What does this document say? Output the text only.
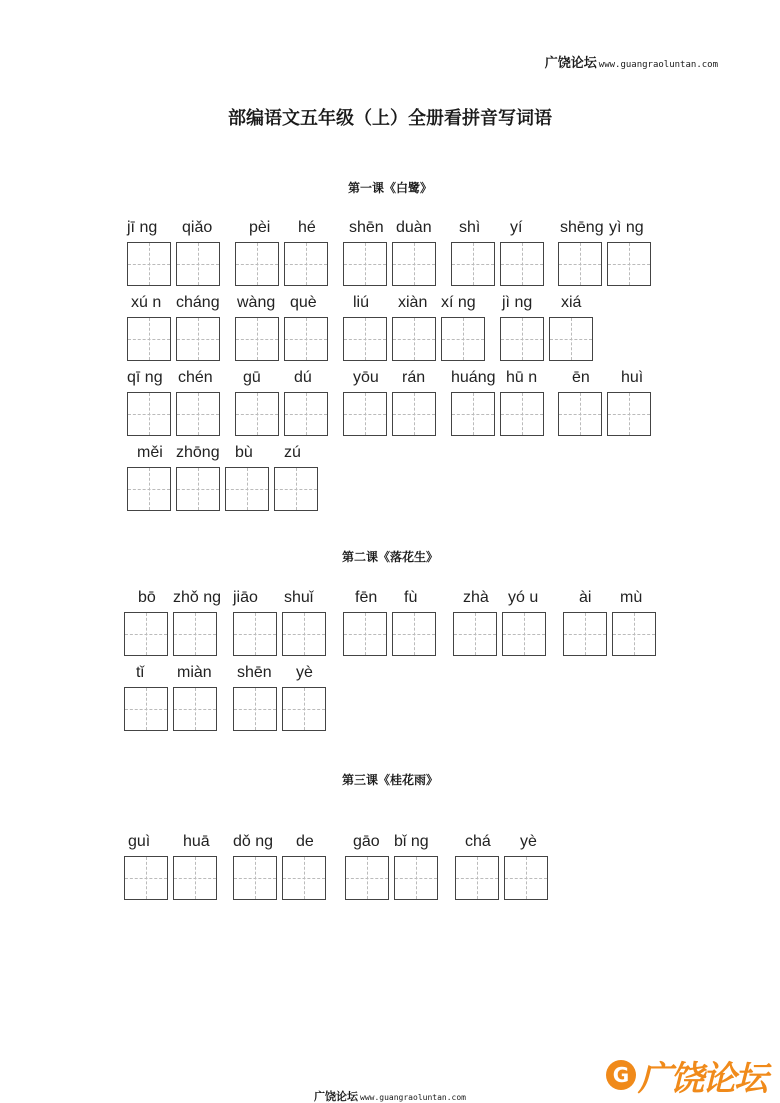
广饶论坛 www.guangraoluntan.com
部编语文五年级（上）全册看拼音写词语
第一课《白鹭》
第二课《落花生》
第三课《桂花雨》
jī ng qiǎo pèi hé shēn duàn shì yí shēng yì ng
xú n cháng wàng què liú xiàn xí ng jì ng xiá
qī ng chén gū dú	yōu rán huáng hū n ēn huì
měi zhōng bù zú
bō zhǒ ng jiāo shuǐ	fēn fù	zhà yó u	ài mù
tǐ miàn shēn yè
guì huā dǒ ng de gāo bǐ ng chá yè
广饶论坛 www.guangraoluntan.com
G 广饶论坛
